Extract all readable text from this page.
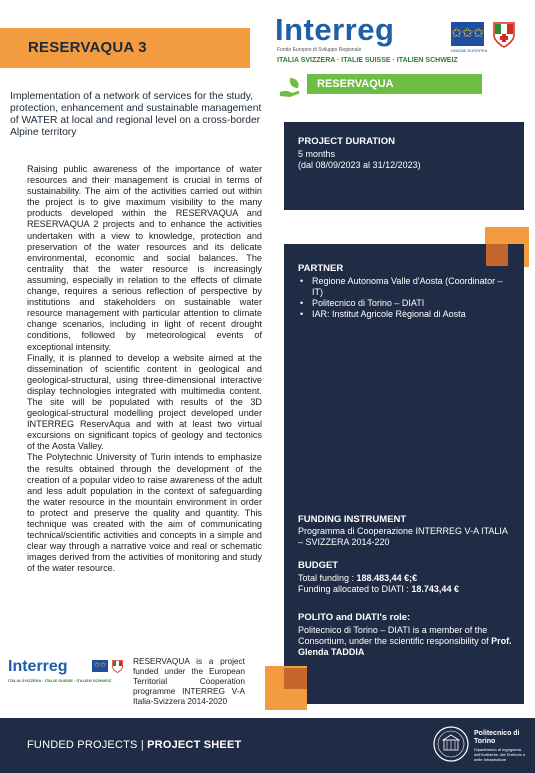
RESERVAQUA 3
Interreg
Fondo Europeo di Sviluppo Regionale
ITALIA SVIZZERA · ITALIE SUISSE · ITALIEN SCHWEIZ
✩✩✩
UNIONE EUROPEA
RESERVAQUA
Implementation of a network of services for the study, protection, enhancement and sustainable management of WATER at local and regional level on a cross-border Alpine territory
PROJECT DURATION
5 months
(dal 08/09/2023 al 31/12/2023)
PARTNER
• Regione Autonoma Valle d'Aosta (Coordinator – IT)
• Politecnico di Torino – DIATI
• IAR: Institut Agricole Règional di Aosta
FUNDING INSTRUMENT
Programma di Cooperazione INTERREG V-A ITALIA – SVIZZERA 2014-220
BUDGET
Total funding : 188.483,44 €;€
Funding allocated to DIATI : 18.743,44 €
POLITO and DIATI's role:
Politecnico di Torino – DIATI is a member of the Consortium, under the scientific responsibility of Prof. Glenda TADDIA

Raising public awareness of the importance of water resources and their management is crucial in terms of sustainability. The aim of the activities carried out within the project is to give maximum visibility to the many products developed within the RESERVAQUA and RESERVAQUA 2 projects and to enhance the activities undertaken with a view to knowledge, protection and preservation of the water resources and its delicate environmental, economic and social balances. The centrality that the water resource is increasingly assuming, especially in relation to the effects of climate change, requires a serious reflection of perspective by institutions and stakeholders on sustainable water resource management with particular attention to climate change scenarios, including in light of recent drought conditions, followed by meteorological events of exceptional intensity.

Finally, it is planned to develop a website aimed at the dissemination of scientific content in geological and geological-structural, using three-dimensional interactive display technologies integrated with multimedia content. The site will be populated with results of the 3D geological-structural modelling project developed under INTERREG ReservAqua and with at least two virtual excursions on significant topics of geology and tectonics of the Aosta Valley.

The Polytechnic University of Turin intends to emphasize the results obtained through the development of the creation of a popular video to raise awareness of the adult and less adult population in the context of safeguarding the water resource in the mountain environment in order to protect and preserve the quality and quantity. This technique was created with the aim of communicating technical/scientific activities and concepts in a simple and clear way through a narrative voice and real or schematic images derived from the activities of monitoring and study of the water resource.

Interreg
ITALIA SVIZZERA · ITALIE SUISSE · ITALIEN SCHWEIZ
✩✩	RESERVAQUA is a project funded under the European Territorial Cooperation programme INTERREG V-A Italia-Svizzera 2014-2020
FUNDED PROJECTS | PROJECT SHEET
Politecnico di Torino
Dipartimento di Ingegneria dell'Ambiente, del Territorio e delle Infrastrutture
